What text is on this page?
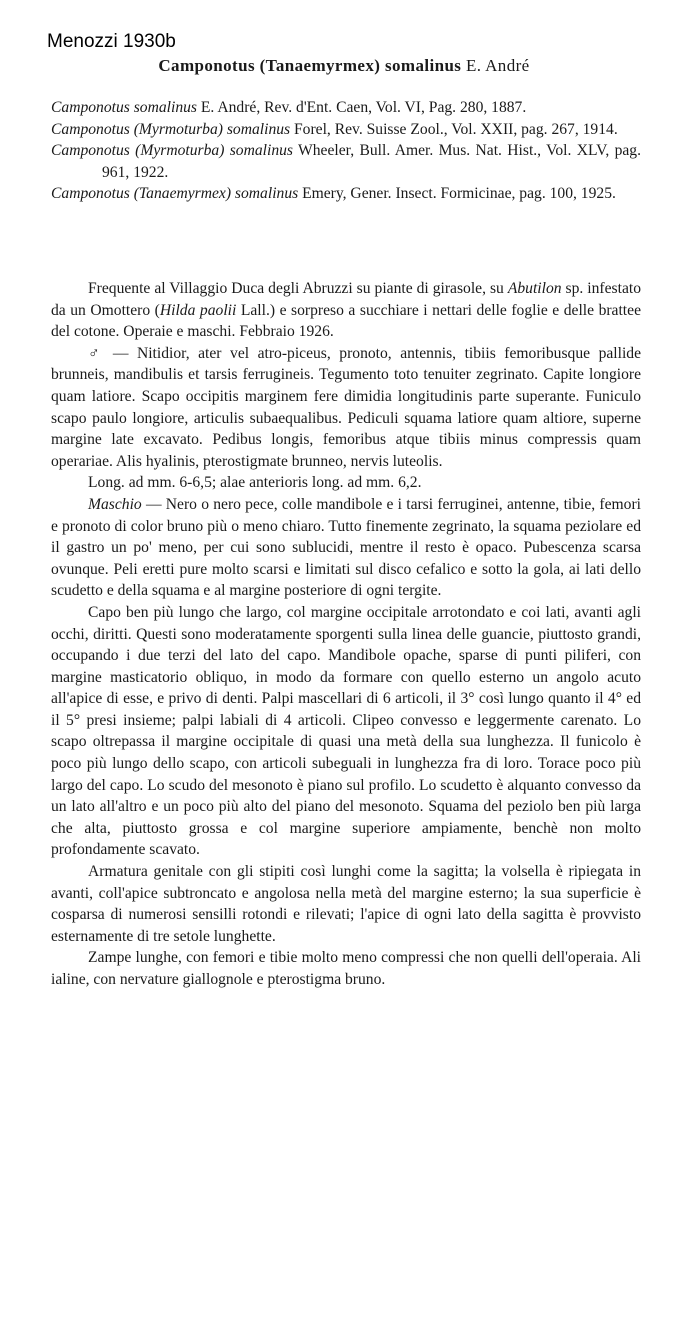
Menozzi 1930b
Camponotus (Tanaemyrmex) somalinus E. André

Camponotus somalinus E. André, Rev. d'Ent. Caen, Vol. VI, Pag. 280, 1887.

Camponotus (Myrmoturba) somalinus Forel, Rev. Suisse Zool., Vol. XXII, pag. 267, 1914.

Camponotus (Myrmoturba) somalinus Wheeler, Bull. Amer. Mus. Nat. Hist., Vol. XLV, pag. 961, 1922.

Camponotus (Tanaemyrmex) somalinus Emery, Gener. Insect. Formicinae, pag. 100, 1925.

Frequente al Villaggio Duca degli Abruzzi su piante di girasole, su Abutilon sp. infestato da un Omottero (Hilda paolii Lall.) e sorpreso a succhiare i nettari delle foglie e delle brattee del cotone. Operaie e maschi. Febbraio 1926.

♂ — Nitidior, ater vel atro-piceus, pronoto, antennis, tibiis femoribusque pallide brunneis, mandibulis et tarsis ferrugineis. Tegumento toto tenuiter zegrinato. Capite longiore quam latiore. Scapo occipitis marginem fere dimidia longitudinis parte superante. Funiculo scapo paulo longiore, articulis subaequalibus. Pediculi squama latiore quam altiore, superne margine late excavato. Pedibus longis, femoribus atque tibiis minus compressis quam operariae. Alis hyalinis, pterostigmate brunneo, nervis luteolis.

Long. ad mm. 6-6,5; alae anterioris long. ad mm. 6,2.

Maschio — Nero o nero pece, colle mandibole e i tarsi ferruginei, antenne, tibie, femori e pronoto di color bruno più o meno chiaro. Tutto finemente zegrinato, la squama peziolare ed il gastro un po' meno, per cui sono sublucidi, mentre il resto è opaco. Pubescenza scarsa ovunque. Peli eretti pure molto scarsi e limitati sul disco cefalico e sotto la gola, ai lati dello scudetto e della squama e al margine posteriore di ogni tergite.

Capo ben più lungo che largo, col margine occipitale arrotondato e coi lati, avanti agli occhi, diritti. Questi sono moderatamente sporgenti sulla linea delle guancie, piuttosto grandi, occupando i due terzi del lato del capo. Mandibole opache, sparse di punti piliferi, con margine masticatorio obliquo, in modo da formare con quello esterno un angolo acuto all'apice di esse, e privo di denti. Palpi mascellari di 6 articoli, il 3° così lungo quanto il 4° ed il 5° presi insieme; palpi labiali di 4 articoli. Clipeo convesso e leggermente carenato. Lo scapo oltrepassa il margine occipitale di quasi una metà della sua lunghezza. Il funicolo è poco più lungo dello scapo, con articoli subeguali in lunghezza fra di loro. Torace poco più largo del capo. Lo scudo del mesonoto è piano sul profilo. Lo scudetto è alquanto convesso da un lato all'altro e un poco più alto del piano del mesonoto. Squama del peziolo ben più larga che alta, piuttosto grossa e col margine superiore ampiamente, benchè non molto profondamente scavato.

Armatura genitale con gli stipiti così lunghi come la sagitta; la volsella è ripiegata in avanti, coll'apice subtroncato e angolosa nella metà del margine esterno; la sua superficie è cosparsa di numerosi sensilli rotondi e rilevati; l'apice di ogni lato della sagitta è provvisto esternamente di tre setole lunghette.

Zampe lunghe, con femori e tibie molto meno compressi che non quelli dell'operaia. Ali ialine, con nervature giallognole e pterostigma bruno.
